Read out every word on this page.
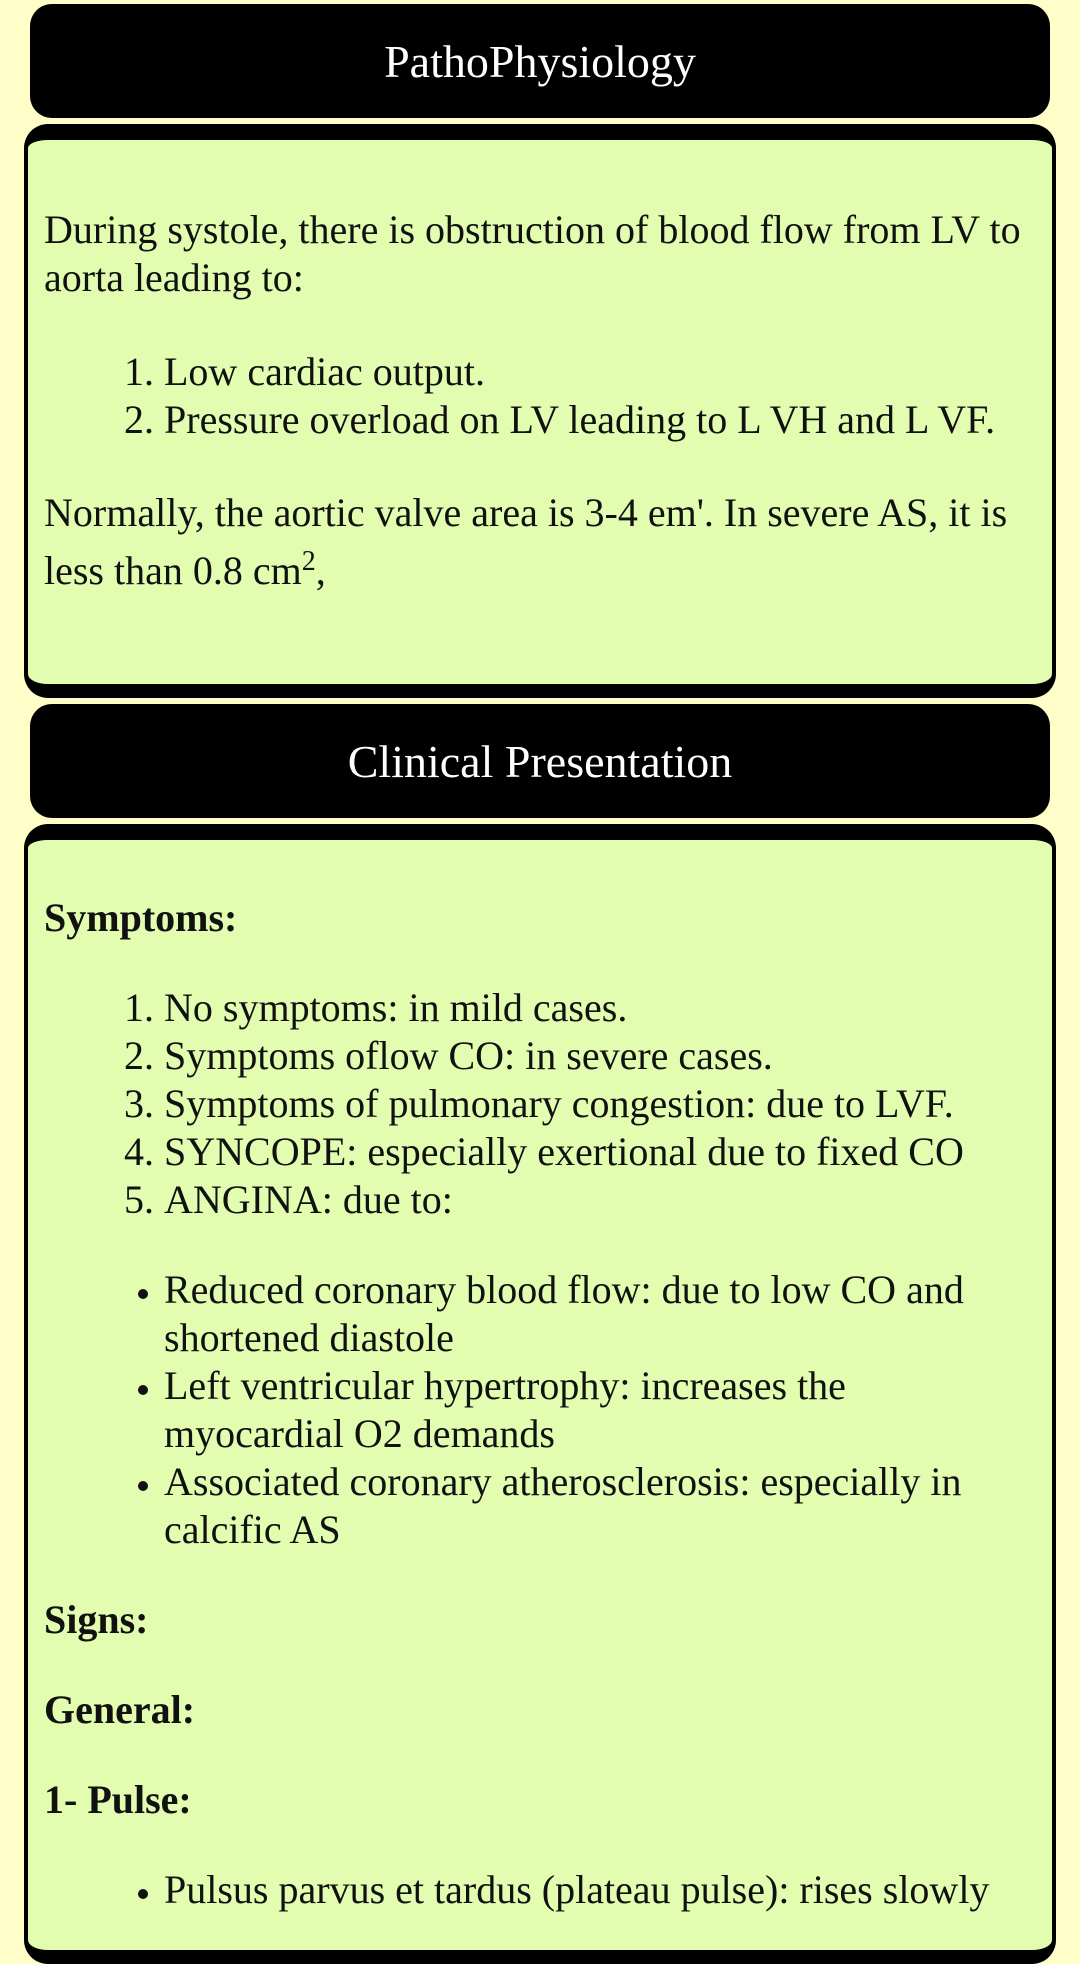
PathoPhysiology

During systole, there is obstruction of blood flow from LV to aorta leading to:

1. Low cardiac output.
2. Pressure overload on LV leading to L VH and L VF.

Normally, the aortic valve area is 3-4 em'. In severe AS, it is less than 0.8 $cm^2$,

Clinical Presentation

Symptoms:

1. No symptoms: in mild cases.
2. Symptoms oflow CO: in severe cases.
3. Symptoms of pulmonary congestion: due to LVF.
4. SYNCOPE: especially exertional due to fixed CO
5. ANGINA: due to:
• Reduced coronary blood flow: due to low CO and shortened diastole
• Left ventricular hypertrophy: increases the myocardial O2 demands
• Associated coronary atherosclerosis: especially in calcific AS

Signs:

General:

1- Pulse:

• Pulsus parvus et tardus (plateau pulse): rises slowly
